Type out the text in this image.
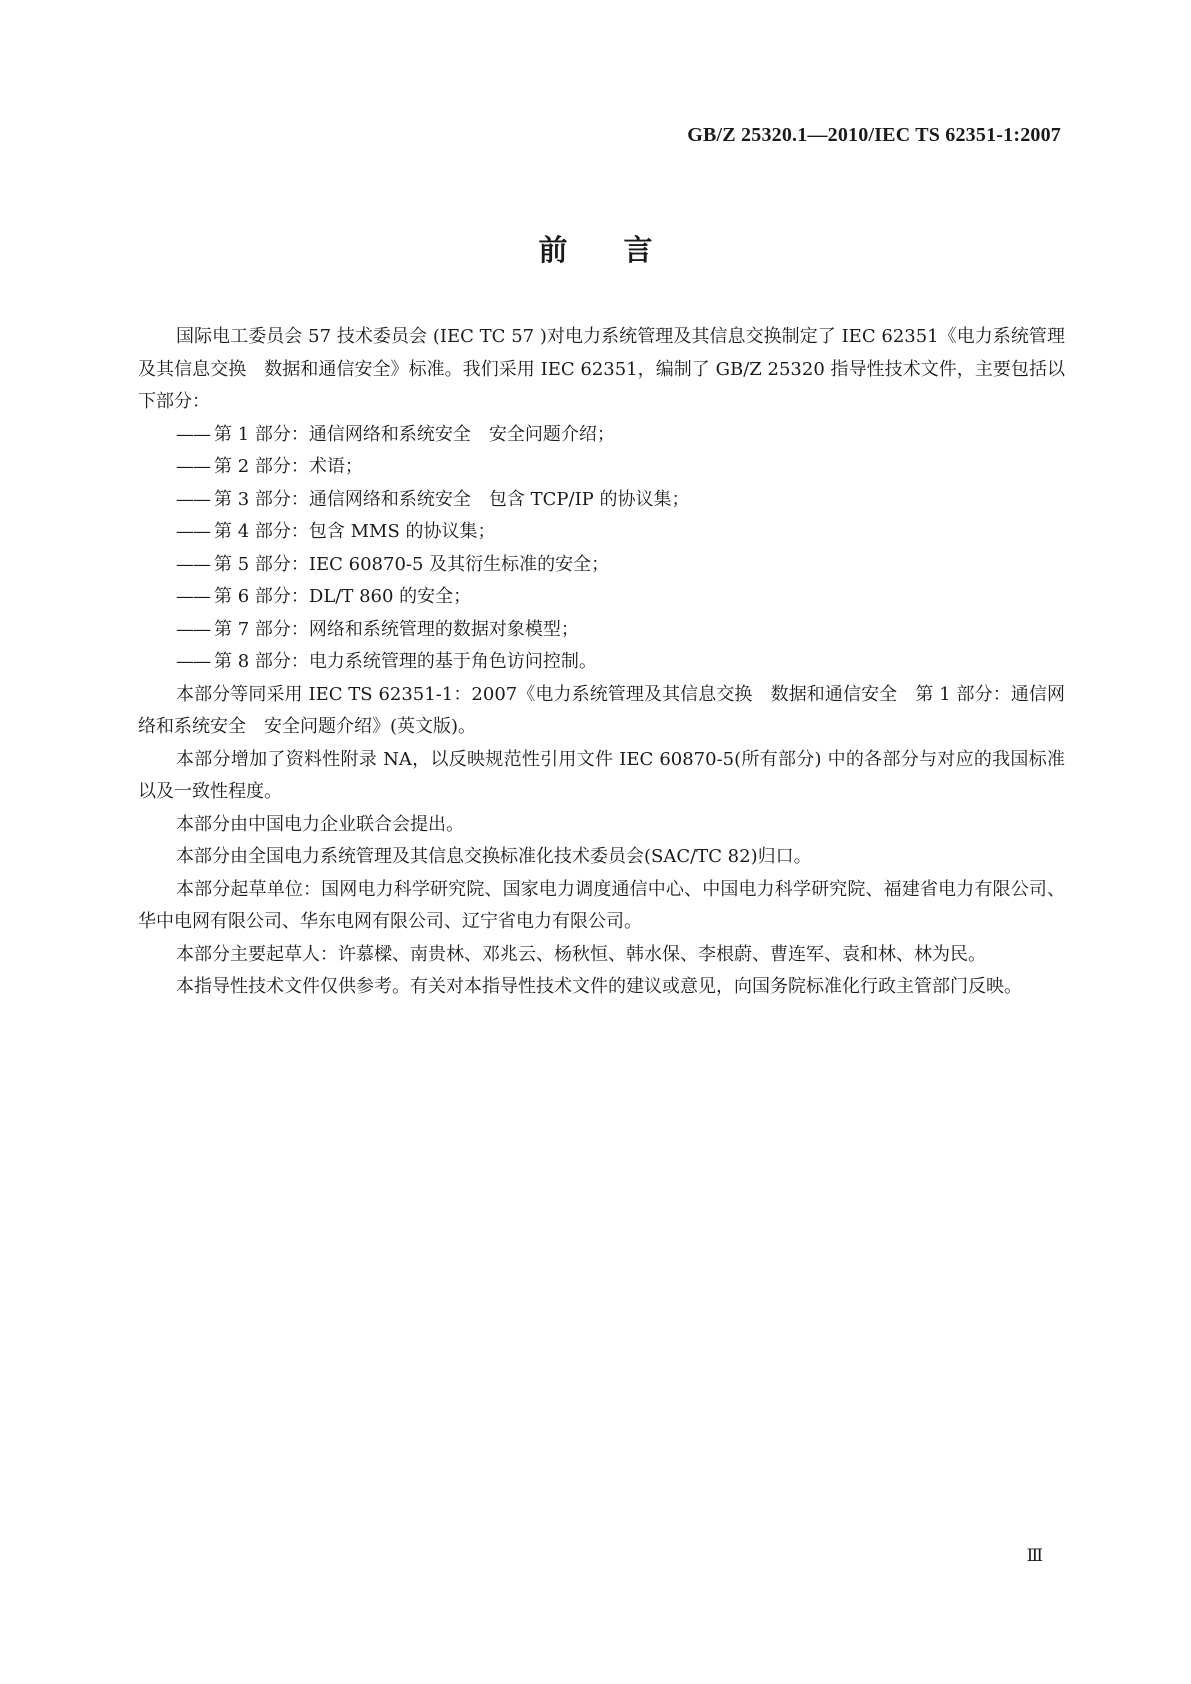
GB/Z 25320.1—2010/IEC TS 62351-1:2007
前言

国际电工委员会 57 技术委员会 (IEC TC 57 )对电力系统管理及其信息交换制定了 IEC 62351《电力系统管理及其信息交换　数据和通信安全》标准。我们采用 IEC 62351，编制了 GB/Z 25320 指导性技术文件，主要包括以下部分：

—— 第 1 部分：通信网络和系统安全　安全问题介绍；
—— 第 2 部分：术语；
—— 第 3 部分：通信网络和系统安全　包含 TCP/IP 的协议集；
—— 第 4 部分：包含 MMS 的协议集；
—— 第 5 部分：IEC 60870-5 及其衍生标准的安全；
—— 第 6 部分：DL/T 860 的安全；
—— 第 7 部分：网络和系统管理的数据对象模型；
—— 第 8 部分：电力系统管理的基于角色访问控制。

本部分等同采用 IEC TS 62351-1：2007《电力系统管理及其信息交换　数据和通信安全　第 1 部分：通信网络和系统安全　安全问题介绍》(英文版)。

本部分增加了资料性附录 NA，以反映规范性引用文件 IEC 60870-5(所有部分) 中的各部分与对应的我国标准以及一致性程度。

本部分由中国电力企业联合会提出。

本部分由全国电力系统管理及其信息交换标准化技术委员会(SAC/TC 82)归口。

本部分起草单位：国网电力科学研究院、国家电力调度通信中心、中国电力科学研究院、福建省电力有限公司、华中电网有限公司、华东电网有限公司、辽宁省电力有限公司。

本部分主要起草人：许慕樑、南贵林、邓兆云、杨秋恒、韩水保、李根蔚、曹连军、袁和林、林为民。

本指导性技术文件仅供参考。有关对本指导性技术文件的建议或意见，向国务院标准化行政主管部门反映。

Ⅲ
